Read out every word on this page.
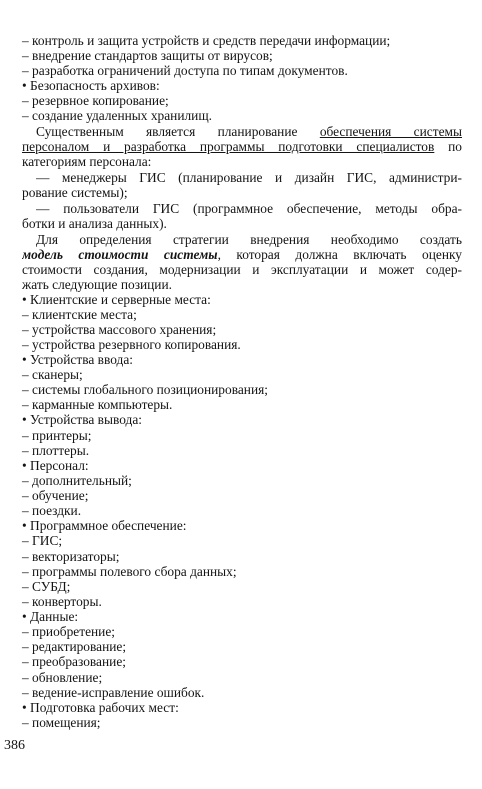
– контроль и защита устройств и средств передачи информации;
– внедрение стандартов защиты от вирусов;
– разработка ограничений доступа по типам документов.
• Безопасность архивов:
– резервное копирование;
– создание удаленных хранилищ.
Существенным является планирование обеспечения системы
персоналом и разработка программы подготовки специалистов по
категориям персонала:
— менеджеры ГИС (планирование и дизайн ГИС, администри-
рование системы);
— пользователи ГИС (программное обеспечение, методы обра-
ботки и анализа данных).
Для определения стратегии внедрения необходимо создать
модель стоимости системы, которая должна включать оценку
стоимости создания, модернизации и эксплуатации и может содер-
жать следующие позиции.
• Клиентские и серверные места:
– клиентские места;
– устройства массового хранения;
– устройства резервного копирования.
• Устройства ввода:
– сканеры;
– системы глобального позиционирования;
– карманные компьютеры.
• Устройства вывода:
– принтеры;
– плоттеры.
• Персонал:
– дополнительный;
– обучение;
– поездки.
• Программное обеспечение:
– ГИС;
– векторизаторы;
– программы полевого сбора данных;
– СУБД;
– конверторы.
• Данные:
– приобретение;
– редактирование;
– преобразование;
– обновление;
– ведение-исправление ошибок.
• Подготовка рабочих мест:
– помещения;
386
